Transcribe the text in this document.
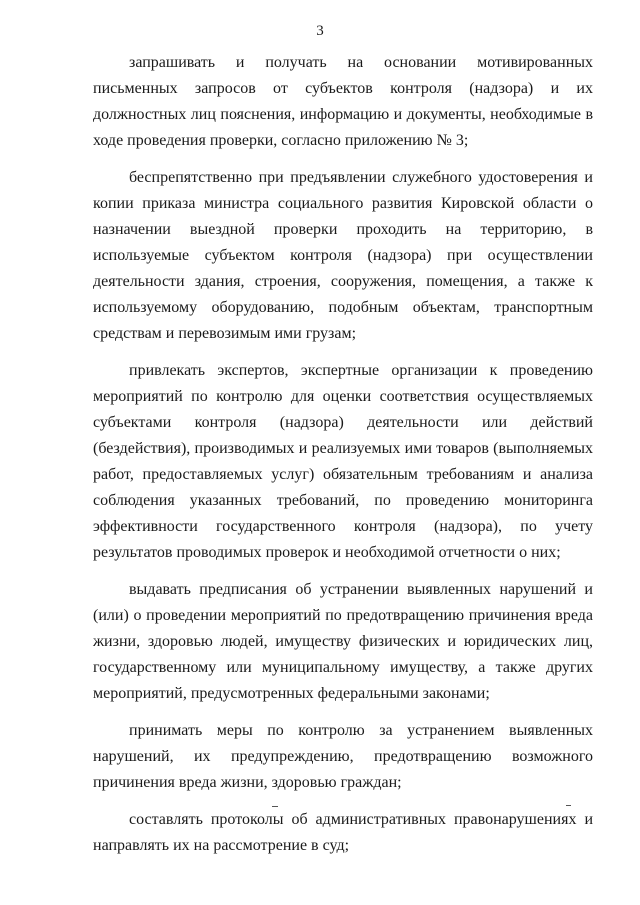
3

запрашивать и получать на основании мотивированных письменных запросов от субъектов контроля (надзора) и их должностных лиц пояснения, информацию и документы, необходимые в ходе проведения проверки, согласно приложению № 3;

беспрепятственно при предъявлении служебного удостоверения и копии приказа министра социального развития Кировской области о назначении выездной проверки проходить на территорию, в используемые субъектом контроля (надзора) при осуществлении деятельности здания, строения, сооружения, помещения, а также к используемому оборудованию, подобным объектам, транспортным средствам и перевозимым ими грузам;

привлекать экспертов, экспертные организации к проведению мероприятий по контролю для оценки соответствия осуществляемых субъектами контроля (надзора) деятельности или действий (бездействия), производимых и реализуемых ими товаров (выполняемых работ, предоставляемых услуг) обязательным требованиям и анализа соблюдения указанных требований, по проведению мониторинга эффективности государственного контроля (надзора), по учету результатов проводимых проверок и необходимой отчетности о них;

выдавать предписания об устранении выявленных нарушений и (или) о проведении мероприятий по предотвращению причинения вреда жизни, здоровью людей, имуществу физических и юридических лиц, государственному или муниципальному имуществу, а также других мероприятий, предусмотренных федеральными законами;

принимать меры по контролю за устранением выявленных нарушений, их предупреждению, предотвращению возможного причинения вреда жизни, здоровью граждан;

составлять протоколы об административных правонарушениях и направлять их на рассмотрение в суд;
